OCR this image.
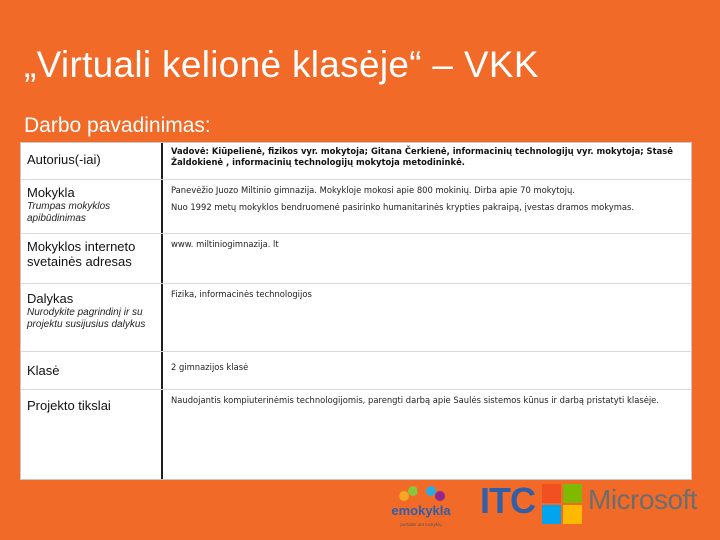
„Virtuali kelionė klasėje“ – VKK
Darbo pavadinimas:
Autorius(-iai)
Vadovė: Kiūpelienė, fizikos vyr. mokytoja; Gitana Čerkienė, informacinių technologijų vyr. mokytoja; Stasė Žaldokienė , informacinių technologijų mokytoja metodininkė.
Mokykla
Trumpas mokyklos apibūdinimas
Panevėžio Juozo Miltinio gimnazija. Mokykloje mokosi apie 800 mokinių. Dirba apie 70 mokytojų.
Nuo 1992 metų mokyklos bendruomenė pasirinko humanitarinės krypties pakraipą, įvestas dramos mokymas.
Mokyklos interneto svetainės adresas
www. miltiniogimnazija. lt
Dalykas
Nurodykite pagrindinį ir su projektu susijusius dalykus
Fizika, informacinės technologijos
Klasė	2 gimnazijos klasė
Projekto tikslai	Naudojantis kompiuterinėmis technologijomis, parengti darbą apie Saulės sistemos kūnus ir darbą pristatyti klasėje.
emokykla
portalas ant mokyklų
ITC Microsoft
